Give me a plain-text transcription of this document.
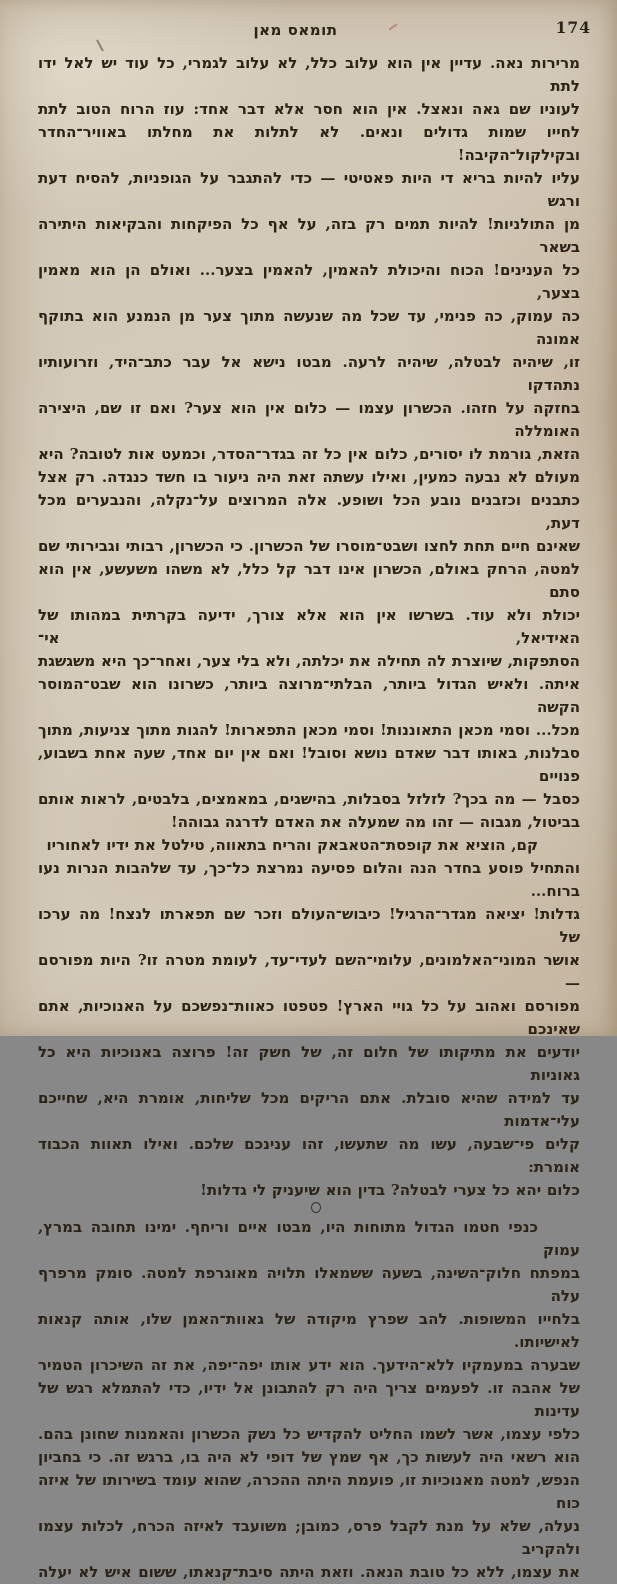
תומאס מאן	174
מרירות נאה. עדיין אין הוא עלוב כלל, לא עלוב לגמרי, כל עוד יש לאל ידו לתת
לעוניו שם גאה ונאצל. אין הוא חסר אלא דבר אחד: עוז הרוח הטוב לתת
לחייו שמות גדולים ונאים. לא לתלות את מחלתו באוויר־החדר ובקילקול־הקיבה!
עליו להיות בריא די היות פאטיטי — כדי להתגבר על הגופניות, להסיח דעת ורגש
מן התולניות! להיות תמים רק בזה, על אף כל הפיקחות והבקיאות היתירה בשאר
כל הענינים! הכוח והיכולת להאמין, להאמין בצער... ואולם הן הוא מאמין בצער,
כה עמוק, כה פנימי, עד שכל מה שנעשה מתוך צער מן הנמנע הוא בתוקף אמונה
זו, שיהיה לבטלה, שיהיה לרעה. מבטו נישא אל עבר כתב־היד, וזרועותיו נתהדקו
בחזקה על חזהו. הכשרון עצמו — כלום אין הוא צער? ואם זו שם, היצירה האומללה
הזאת, גורמת לו יסורים, כלום אין כל זה בגדר־הסדר, וכמעט אות לטובה? היא
מעולם לא נבעה כמעין, ואילו עשתה זאת היה ניעור בו חשד כנגדה. רק אצל
כתבנים וכזבנים נובע הכל ושופע. אלה המרוצים על־נקלה, והנבערים מכל דעת,
שאינם חיים תחת לחצו ושבט־מוסרו של הכשרון. כי הכשרון, רבותי וגבירותי שם
למטה, הרחק באולם, הכשרון אינו דבר קל כלל, לא משהו משעשע, אין הוא סתם
יכולת ולא עוד. בשרשו אין הוא אלא צורך, ידיעה בקרתית במהותו של האידיאל, אי־
הסתפקות, שיוצרת לה תחילה את יכלתה, ולא בלי צער, ואחר־כך היא משגשגת
איתה. ולאיש הגדול ביותר, הבלתי־מרוצה ביותר, כשרונו הוא שבט־המוסר הקשה
מכל... וסמי מכאן התאוננות! וסמי מכאן התפארות! להגות מתוך צניעות, מתוך
סבלנות, באותו דבר שאדם נושא וסובל! ואם אין יום אחד, שעה אחת בשבוע, פנויים
כסבל — מה בכך? לזלזל בסבלות, בהישגים, במאמצים, בלבטים, לראות אותם
בביטול, מגבוה — זהו מה שמעלה את האדם לדרגה גבוהה!
קם, הוציא את קופסת־הטאבאק והריח בתאווה, טילטל את ידיו לאחוריו
והתחיל פוסע בחדר הנה והלום פסיעה נמרצת כל־כך, עד שלהבות הנרות נעו ברוח...
גדלות! יציאה מגדר־הרגיל! כיבוש־העולם וזכר שם תפארתו לנצח! מה ערכו של
אושר המוני־האלמונים, עלומי־השם לעדי־עד, לעומת מטרה זו? היות מפורסם —
מפורסם ואהוב על כל גויי הארץ! פטפטו כאוות־נפשכם על האנוכיות, אתם שאינכם
יודעים את מתיקותו של חלום זה, של חשק זה! פרוצה באנוכיות היא כל גאוניות
עד למידה שהיא סובלת. אתם הריקים מכל שליחות, אומרת היא, שחייכם עלי־אדמות
קלים פי־שבעה, עשו מה שתעשו, זהו ענינכם שלכם. ואילו תאוות הכבוד אומרת:
כלום יהא כל צערי לבטלה? בדין הוא שיעניק לי גדלות!
כנפי חטמו הגדול מתוחות היו, מבטו איים וריחף. ימינו תחובה במרץ, עמוק
במפתח חלוק־השינה, בשעה ששמאלו תלויה מאוגרפת למטה. סומק מרפרף עלה
בלחייו המשופות. להב שפרץ מיקודה של גאוות־האמן שלו, אותה קנאות לאישיותו.
שבערה במעמקיו ללא־הידעך. הוא ידע אותו יפה־יפה, את זה השיכרון הטמיר
של אהבה זו. לפעמים צריך היה רק להתבונן אל ידיו, כדי להתמלא רגש של עדינות
כלפי עצמו, אשר לשמו החליט להקדיש כל נשק הכשרון והאמנות שחונן בהם.
הוא רשאי היה לעשות כך, אף שמץ של דופי לא היה בו, ברגש זה. כי בחביון
הנפש, למטה מאנוכיות זו, פועמת היתה ההכרה, שהוא עומד בשירותו של איזה כוח
נעלה, שלא על מנת לקבל פרס, כמובן; משועבד לאיזה הכרח, לכלות עצמו ולהקריב
את עצמו, ללא כל טובת הנאה. וזאת היתה סיבת־קנאתו, ששום איש לא יעלה
